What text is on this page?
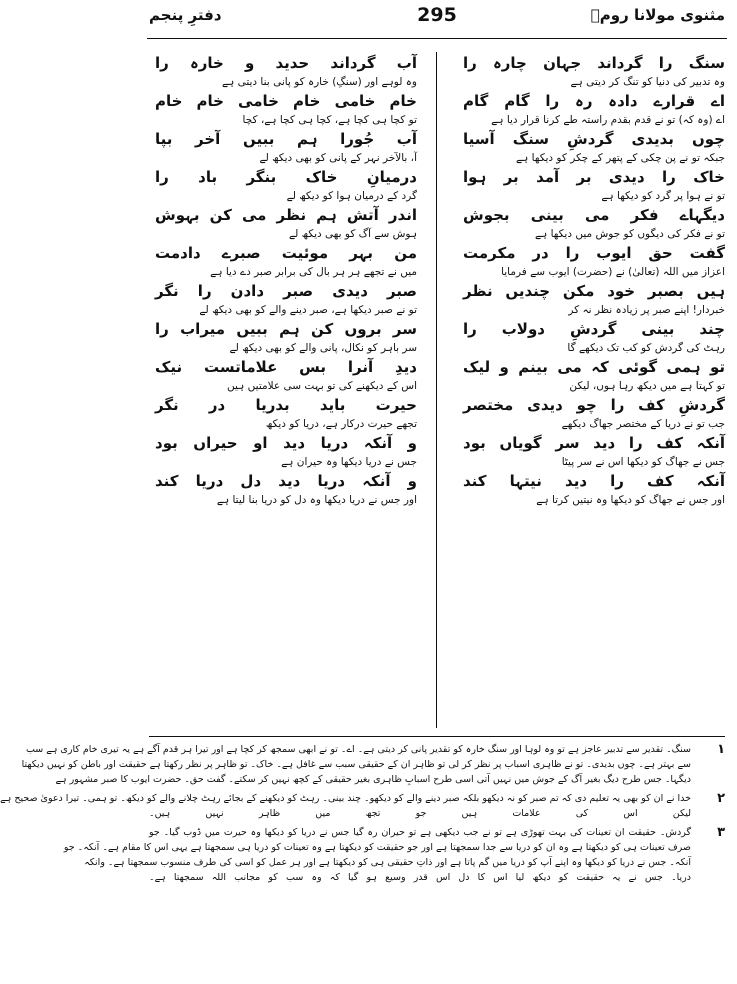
مثنوی مولانا رومؒ
295
دفترِ پنجم
سنگ را گرداند جہان چارہ را
وہ تدبیر کی دنیا کو تنگ کر دیتی ہے
اے قرارے دادہ رہ را گام گام
اے (وہ کہ) تو نے قدم بقدم راستہ طے کرنا قرار دیا ہے
چوں بدیدی گردشِ سنگ آسیا
جبکہ تو نے پن چکی کے پتھر کے چکر کو دیکھا ہے
خاک را دیدی بر آمد بر ہوا
تو نے ہوا پر گرد کو دیکھا ہے
دیگہاے فکر می بینی بجوش
تو نے فکر کی دیگوں کو جوش میں دیکھا ہے
گفت حق ایوب را در مکرمت
اعزاز میں اللہ (تعالیٰ) نے (حضرت) ایوب سے فرمایا
ہیں بصبر خود مکن چندیں نظر
خبردار! اپنے صبر پر زیادہ نظر نہ کر
چند بینی گردشِ دولاب را
رہٹ کی گردش کو کب تک دیکھے گا
تو ہمی گوئی کہ می بینم و لیک
تو کہتا ہے میں دیکھ رہا ہوں، لیکن
گردشِ کف را چو دیدی مختصر
جب تو نے دریا کے مختصر جھاگ دیکھے
آنکہ کف را دید سر گویاں بود
جس نے جھاگ کو دیکھا اس نے سر پیٹا
آنکہ کف را دید نیتہا کند
اور جس نے جھاگ کو دیکھا وہ نیتیں کرتا ہے
آب گرداند حدید و خارہ را
وہ لوہے اور (سنگِ) خارہ کو پانی بنا دیتی ہے
خام خامی خام خامی خام خام
تو کچا ہی کچا ہے، کچا ہی کچا ہے، کچا
آب جُورا ہم ببیں آخر بپا
آ، بالآخر نہر کے پانی کو بھی دیکھ لے
درمیانِ خاک بنگر باد را
گرد کے درمیان ہوا کو دیکھ لے
اندر آتش ہم نظر می کن بہوش
ہوش سے آگ کو بھی دیکھ لے
من بہر موئیت صبرے دادمت
میں نے تجھے ہر ہر بال کی برابر صبر دے دیا ہے
صبر دیدی صبر دادن را نگر
تو نے صبر دیکھا ہے، صبر دینے والے کو بھی دیکھ لے
سر بروں کن ہم ببیں میراب را
سر باہر کو نکال، پانی والے کو بھی دیکھ لے
دیدِ آنرا بس علاماتست نیک
اس کے دیکھنے کی تو بہت سی علامتیں ہیں
حیرت باید بدریا در نگر
تجھے حیرت درکار ہے، دریا کو دیکھ
و آنکہ دریا دید او حیراں بود
جس نے دریا دیکھا وہ حیران ہے
و آنکہ دریا دید دل دریا کند
اور جس نے دریا دیکھا وہ دل کو دریا بنا لیتا ہے
۱
سنگ۔ تقدیر سے تدبیر عاجز ہے تو وہ لوہا اور سنگ خارہ کو تقدیر پانی کر دیتی ہے۔ اے۔ تو نے ابھی سمجھ کر کچا ہے اور تیرا ہر قدم آگے ہے یہ تیری خام کاری ہے سب
سے بہتر ہے۔ چوں بدیدی۔ تو نے ظاہری اسباب پر نظر کر لی تو ظاہر ان کے حقیقی سبب سے غافل ہے۔ خاک۔ تو ظاہر پر نظر رکھتا ہے حقیقت اور باطن کو نہیں دیکھتا
دیگہا۔ جس طرح دیگ بغیر آگ کے جوش میں نہیں آتی اسی طرح اسبابِ ظاہری بغیر حقیقی کے کچھ نہیں کر سکتے۔ گفت حق۔ حضرت ایوب کا صبر مشہور ہے
۲
خدا نے ان کو بھی یہ تعلیم دی کہ تم صبر کو نہ دیکھو بلکہ صبر دینے والے کو دیکھو۔ چند بینی۔ رہٹ کو دیکھنے کے بجائے رہٹ چلانے والے کو دیکھ۔ تو ہمی۔ تیرا دعویٰ صحیح ہے
لیکن اس کی علامات ہیں جو تجھ میں ظاہر نہیں ہیں۔
۳
گردش۔ حقیقت ان تعینات کی بہت تھوڑی ہے تو نے جب دیکھی ہے تو حیران رہ گیا جس نے دریا کو دیکھا وہ حیرت میں ڈوب گیا۔ جو
صرف تعینات ہی کو دیکھتا ہے وہ ان کو دریا سے جدا سمجھتا ہے اور جو حقیقت کو دیکھتا ہے وہ تعینات کو دریا ہی سمجھتا ہے یہی اس کا مقام ہے۔ آنکہ۔ جو
آنکہ۔ جس نے دریا کو دیکھا وہ اپنے آپ کو دریا میں گم پاتا ہے اور ذاتِ حقیقی ہی کو دیکھتا ہے اور ہر عمل کو اسی کی طرف منسوب سمجھتا ہے۔ وانکہ
دریا۔ جس نے یہ حقیقت کو دیکھ لیا اس کا دل اس قدر وسیع ہو گیا کہ وہ سب کو مجانب اللہ سمجھتا ہے۔
